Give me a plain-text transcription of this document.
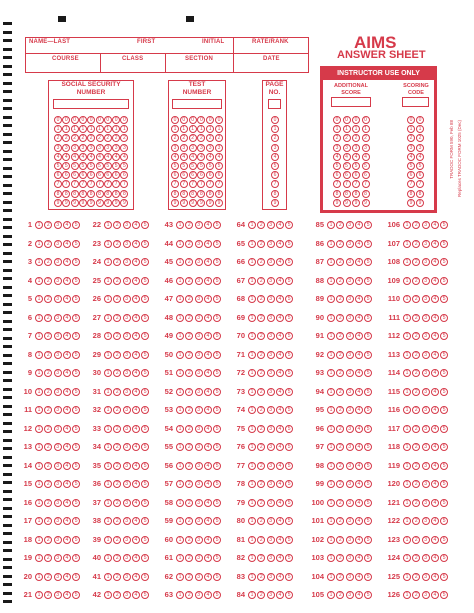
NAME—LAST	FIRST	INITIAL	RATE/RANK
COURSE	CLASS	SECTION	DATE
AIMS
ANSWER SHEET
INSTRUCTOR USE ONLY
ADDITIONAL
SCORE
SCORING
CODE
SOCIAL SECURITY
NUMBER
TEST
NUMBER
PAGE
NO.
0	0	0	0	0	0	0	0	0
1	1	1	1	1	1	1	1	1
2	2	2	2	2	2	2	2	2
3	3	3	3	3	3	3	3	3
4	4	4	4	4	4	4	4	4
5	5	5	5	5	5	5	5	5
6	6	6	6	6	6	6	6	6
7	7	7	7	7	7	7	7	7
8	8	8	8	8	8	8	8	8
9	9	9	9	9	9	9	9	9
0	0	0	0	0	0
1	1	1	1	1	1
2	2	2	2	2	2
3	3	3	3	3	3
4	4	4	4	4	4
5	5	5	5	5	5
6	6	6	6	6	6
7	7	7	7	7	7
8	8	8	8	8	8
9	9	9	9	9	9
0
1
2
3
4
5
6
7
8
9
0	0	0	0
1	1	1	1
2	2	2	2
3	3	3	3
4	4	4	4
5	5	5	5
6	6	6	6
7	7	7	7
8	8	8	8
9	9	9	9
0	0
1	1
2	2
3	3
4	4
5	5
6	6
7	7
8	8
9	9
1	1	2	3	4	5
2	1	2	3	4	5
3	1	2	3	4	5
4	1	2	3	4	5
5	1	2	3	4	5
6	1	2	3	4	5
7	1	2	3	4	5
8	1	2	3	4	5
9	1	2	3	4	5
10	1	2	3	4	5
11	1	2	3	4	5
12	1	2	3	4	5
13	1	2	3	4	5
14	1	2	3	4	5
15	1	2	3	4	5
16	1	2	3	4	5
17	1	2	3	4	5
18	1	2	3	4	5
19	1	2	3	4	5
20	1	2	3	4	5
21	1	2	3	4	5
22	1	2	3	4	5
23	1	2	3	4	5
24	1	2	3	4	5
25	1	2	3	4	5
26	1	2	3	4	5
27	1	2	3	4	5
28	1	2	3	4	5
29	1	2	3	4	5
30	1	2	3	4	5
31	1	2	3	4	5
32	1	2	3	4	5
33	1	2	3	4	5
34	1	2	3	4	5
35	1	2	3	4	5
36	1	2	3	4	5
37	1	2	3	4	5
38	1	2	3	4	5
39	1	2	3	4	5
40	1	2	3	4	5
41	1	2	3	4	5
42	1	2	3	4	5
43	1	2	3	4	5
44	1	2	3	4	5
45	1	2	3	4	5
46	1	2	3	4	5
47	1	2	3	4	5
48	1	2	3	4	5
49	1	2	3	4	5
50	1	2	3	4	5
51	1	2	3	4	5
52	1	2	3	4	5
53	1	2	3	4	5
54	1	2	3	4	5
55	1	2	3	4	5
56	1	2	3	4	5
57	1	2	3	4	5
58	1	2	3	4	5
59	1	2	3	4	5
60	1	2	3	4	5
61	1	2	3	4	5
62	1	2	3	4	5
63	1	2	3	4	5
64	1	2	3	4	5
65	1	2	3	4	5
66	1	2	3	4	5
67	1	2	3	4	5
68	1	2	3	4	5
69	1	2	3	4	5
70	1	2	3	4	5
71	1	2	3	4	5
72	1	2	3	4	5
73	1	2	3	4	5
74	1	2	3	4	5
75	1	2	3	4	5
76	1	2	3	4	5
77	1	2	3	4	5
78	1	2	3	4	5
79	1	2	3	4	5
80	1	2	3	4	5
81	1	2	3	4	5
82	1	2	3	4	5
83	1	2	3	4	5
84	1	2	3	4	5
85	1	2	3	4	5
86	1	2	3	4	5
87	1	2	3	4	5
88	1	2	3	4	5
89	1	2	3	4	5
90	1	2	3	4	5
91	1	2	3	4	5
92	1	2	3	4	5
93	1	2	3	4	5
94	1	2	3	4	5
95	1	2	3	4	5
96	1	2	3	4	5
97	1	2	3	4	5
98	1	2	3	4	5
99	1	2	3	4	5
100	1	2	3	4	5
101	1	2	3	4	5
102	1	2	3	4	5
103	1	2	3	4	5
104	1	2	3	4	5
105	1	2	3	4	5
106	1	2	3	4	5
107	1	2	3	4	5
108	1	2	3	4	5
109	1	2	3	4	5
110	1	2	3	4	5
111	1	2	3	4	5
112	1	2	3	4	5
113	1	2	3	4	5
114	1	2	3	4	5
115	1	2	3	4	5
116	1	2	3	4	5
117	1	2	3	4	5
118	1	2	3	4	5
119	1	2	3	4	5
120	1	2	3	4	5
121	1	2	3	4	5
122	1	2	3	4	5
123	1	2	3	4	5
124	1	2	3	4	5
125	1	2	3	4	5
126	1	2	3	4	5
TRADOC FORM 590, Feb 88 Replaces TRADOC FORM 1025 (Dec)
